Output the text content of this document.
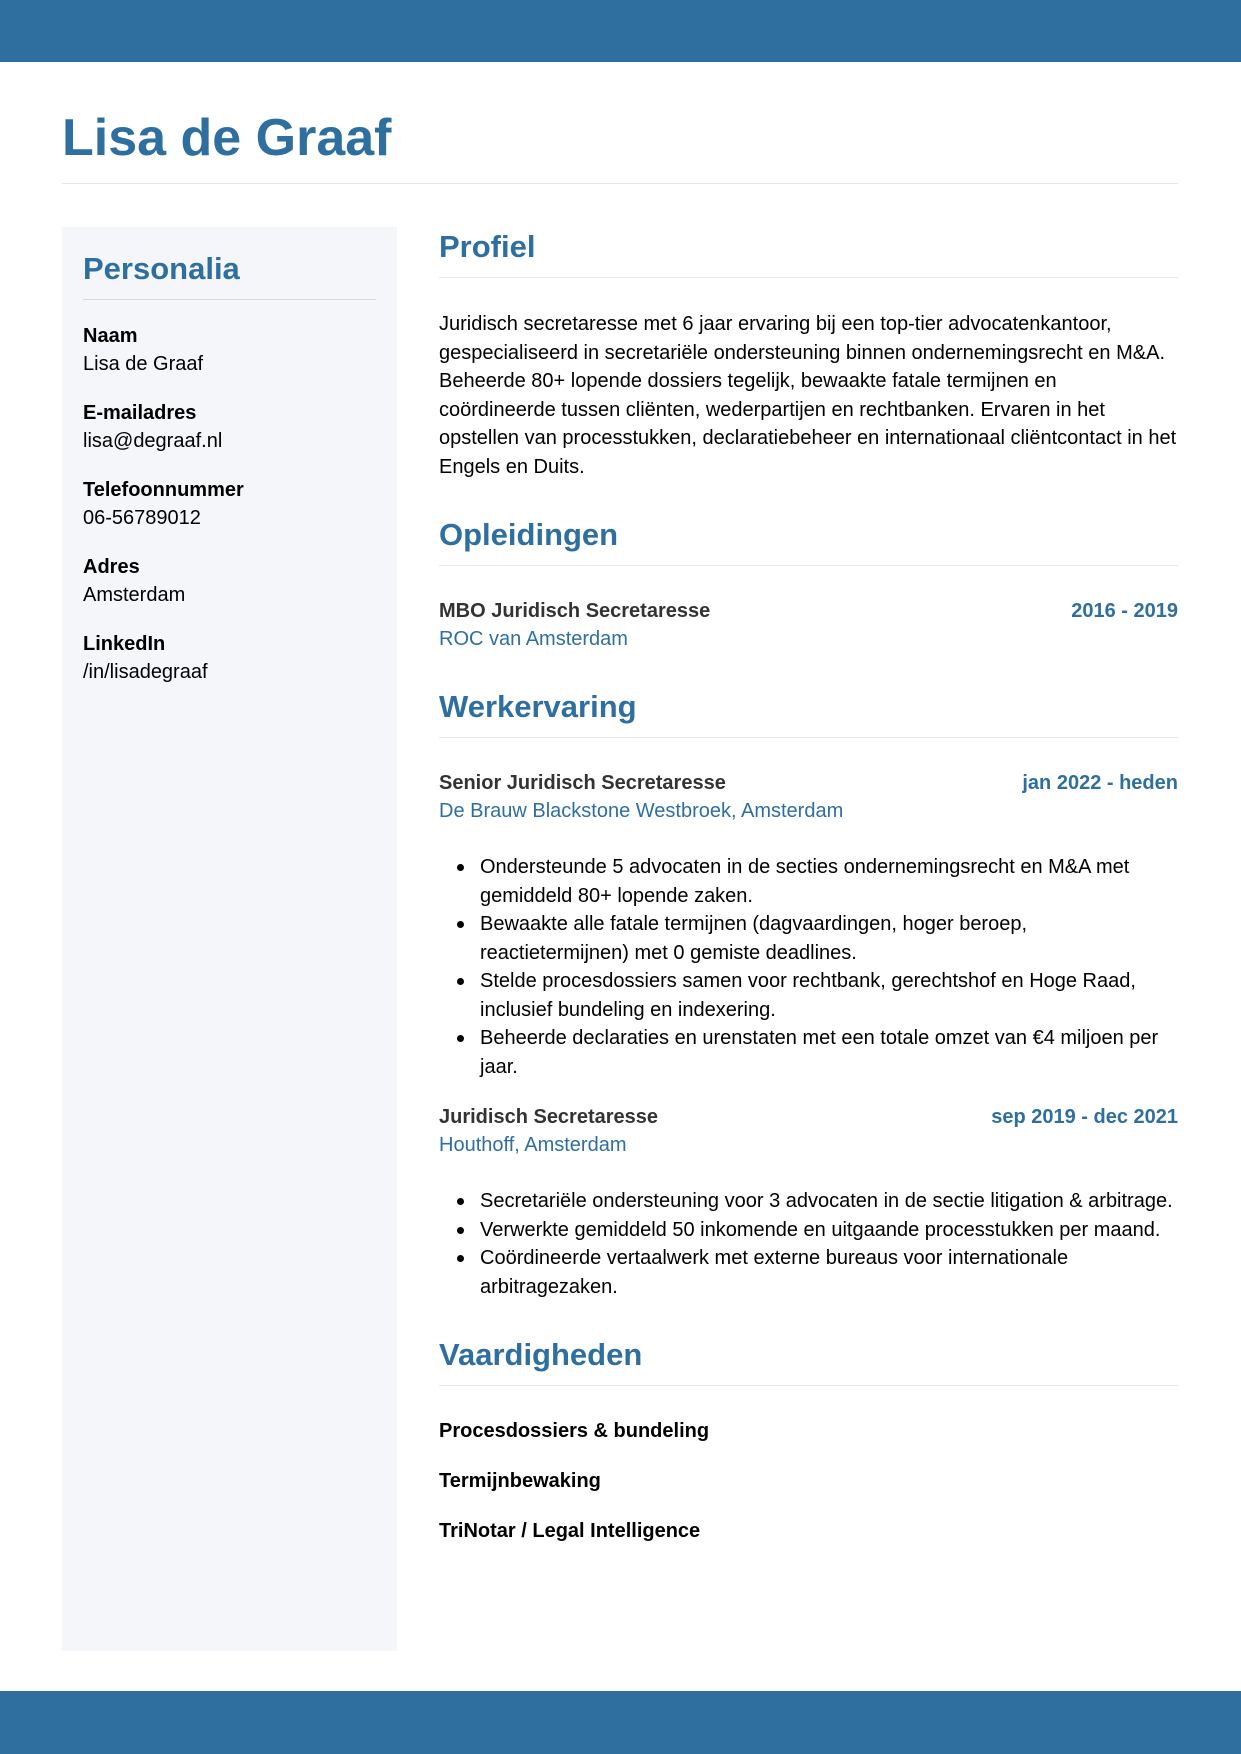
Lisa de Graaf
Personalia
Naam
Lisa de Graaf
E-mailadres
lisa@degraaf.nl
Telefoonnummer
06-56789012
Adres
Amsterdam
LinkedIn
/in/lisadegraaf
Profiel

Juridisch secretaresse met 6 jaar ervaring bij een top-tier advocatenkantoor, gespecialiseerd in secretariële ondersteuning binnen ondernemingsrecht en M&A. Beheerde 80+ lopende dossiers tegelijk, bewaakte fatale termijnen en coördineerde tussen cliënten, wederpartijen en rechtbanken. Ervaren in het opstellen van processtukken, declaratiebeheer en internationaal cliëntcontact in het Engels en Duits.

Opleidingen
MBO Juridisch Secretaresse	2016 - 2019
ROC van Amsterdam
Werkervaring
Senior Juridisch Secretaresse	jan 2022 - heden
De Brauw Blackstone Westbroek, Amsterdam
Ondersteunde 5 advocaten in de secties ondernemingsrecht en M&A met gemiddeld 80+ lopende zaken.
Bewaakte alle fatale termijnen (dagvaardingen, hoger beroep, reactietermijnen) met 0 gemiste deadlines.
Stelde procesdossiers samen voor rechtbank, gerechtshof en Hoge Raad, inclusief bundeling en indexering.
Beheerde declaraties en urenstaten met een totale omzet van €4 miljoen per jaar.
Juridisch Secretaresse	sep 2019 - dec 2021
Houthoff, Amsterdam
Secretariële ondersteuning voor 3 advocaten in de sectie litigation & arbitrage.
Verwerkte gemiddeld 50 inkomende en uitgaande processtukken per maand.
Coördineerde vertaalwerk met externe bureaus voor internationale arbitragezaken.
Vaardigheden
Procesdossiers & bundeling
Termijnbewaking
TriNotar / Legal Intelligence
